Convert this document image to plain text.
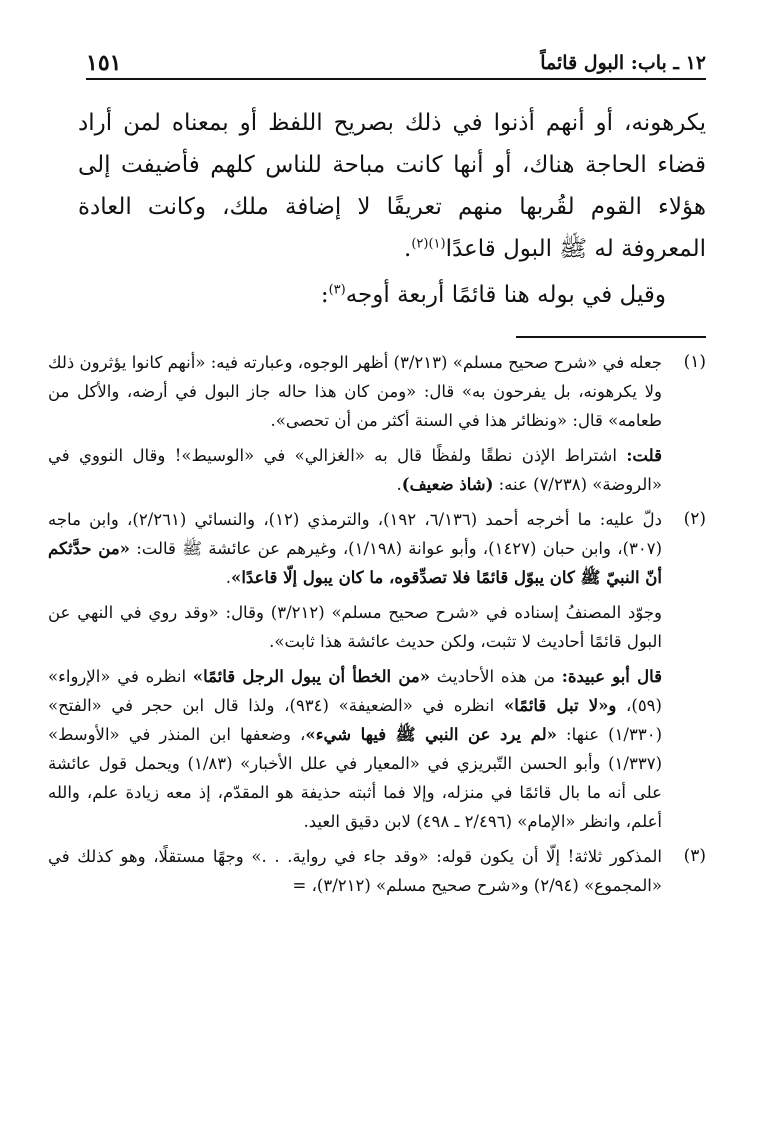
١٢ ـ باب: البول قائماً
١٥١

يكرهونه، أو أنهم أذنوا في ذلك بصريح اللفظ أو بمعناه لمن أراد قضاء الحاجة هناك، أو أنها كانت مباحة للناس كلهم فأضيفت إلى هؤلاء القوم لقُربها منهم تعريفًا لا إضافة ملك، وكانت العادة المعروفة له ﷺ البول قاعدًا$^{(١)(٢)}$.

وقيل في بوله هنا قائمًا أربعة أوجه$^{(٣)}$:

(١)

جعله في «شرح صحيح مسلم» (٣/٢١٣) أظهر الوجوه، وعبارته فيه: «أنهم كانوا يؤثرون ذلك ولا يكرهونه، بل يفرحون به» قال: «ومن كان هذا حاله جاز البول في أرضه، والأكل من طعامه» قال: «ونظائر هذا في السنة أكثر من أن تحصى».

قلت: اشتراط الإذن نطقًا ولفظًا قال به «الغزالي» في «الوسيط»! وقال النووي في «الروضة» (٧/٢٣٨) عنه: (شاذ ضعيف).

(٢)

دلّ عليه: ما أخرجه أحمد (٦/١٣٦، ١٩٢)، والترمذي (١٢)، والنسائي (٢/٢٦١)، وابن ماجه (٣٠٧)، وابن حبان (١٤٢٧)، وأبو عوانة (١/١٩٨)، وغيرهم عن عائشة ﷺ قالت: «من حدَّثكم أنّ النبيّ ﷺ كان يبوّل قائمًا فلا تصدِّقوه، ما كان يبول إلّا قاعدًا».

وجوّد المصنفُ إسناده في «شرح صحيح مسلم» (٣/٢١٢) وقال: «وقد روي في النهي عن البول قائمًا أحاديث لا تثبت، ولكن حديث عائشة هذا ثابت».

قال أبو عبيدة: من هذه الأحاديث «من الخطأ أن يبول الرجل قائمًا» انظره في «الإرواء» (٥٩)، و«لا تبل قائمًا» انظره في «الضعيفة» (٩٣٤)، ولذا قال ابن حجر في «الفتح» (١/٣٣٠) عنها: «لم يرد عن النبي ﷺ فيها شيء»، وضعفها ابن المنذر في «الأوسط» (١/٣٣٧) وأبو الحسن التّبريزي في «المعيار في علل الأخبار» (١/٨٣) ويحمل قول عائشة على أنه ما بال قائمًا في منزله، وإلا فما أثبته حذيفة هو المقدّم، إذ معه زيادة علم، والله أعلم، وانظر «الإمام» (٢/٤٩٦ ـ ٤٩٨) لابن دقيق العيد.

(٣)

المذكور ثلاثة! إلّا أن يكون قوله: «وقد جاء في رواية. . .» وجهًا مستقلًا، وهو كذلك في «المجموع» (٢/٩٤) و«شرح صحيح مسلم» (٣/٢١٢)، =
